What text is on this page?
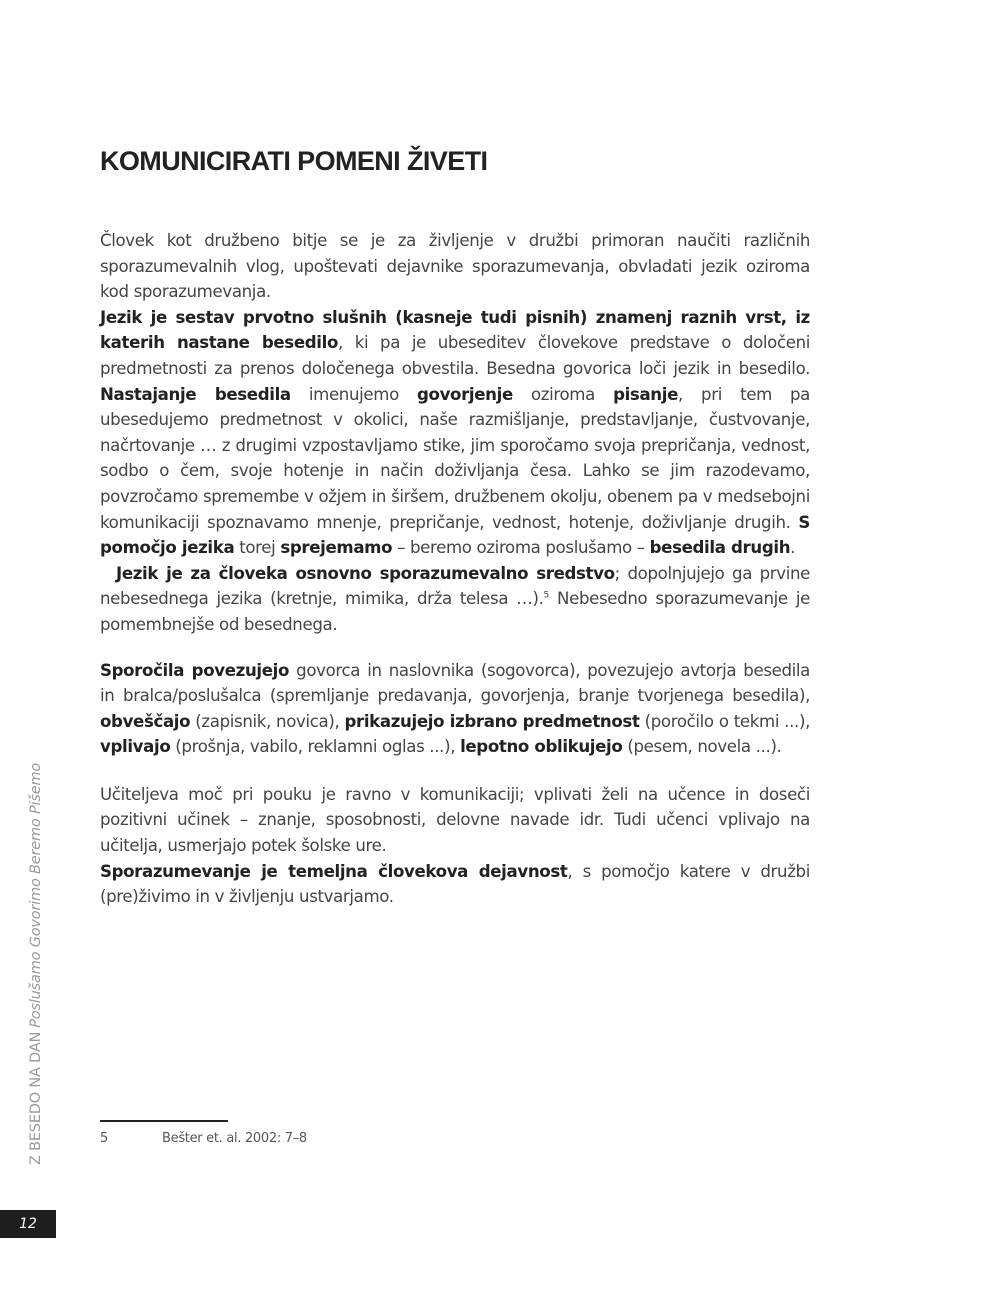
KOMUNICIRATI POMENI ŽIVETI

Človek kot družbeno bitje se je za življenje v družbi primoran naučiti različnih sporazumevalnih vlog, upoštevati dejavnike sporazumevanja, obvladati jezik oziroma kod sporazumevanja.

Jezik je sestav prvotno slušnih (kasneje tudi pisnih) znamenj raznih vrst, iz katerih nastane besedilo, ki pa je ubeseditev človekove predstave o določeni predmetnosti za prenos določenega obvestila. Besedna govorica loči jezik in besedilo. Nastajanje besedila imenujemo govorjenje oziroma pisanje, pri tem pa ubesedujemo predmetnost v okolici, naše razmišljanje, predstavljanje, čustvovanje, načrtovanje … z drugimi vzpostavljamo stike, jim sporočamo svoja prepričanja, vednost, sodbo o čem, svoje hotenje in način doživljanja česa. Lahko se jim razodevamo, povzročamo spremembe v ožjem in širšem, družbenem okolju, obenem pa v medsebojni komunikaciji spoznavamo mnenje, prepričanje, vednost, hotenje, doživljanje drugih. S pomočjo jezika torej sprejemamo – beremo oziroma poslušamo – besedila drugih.

Jezik je za človeka osnovno sporazumevalno sredstvo; dopolnjujejo ga prvine nebesednega jezika (kretnje, mimika, drža telesa …).$^5$ Nebesedno sporazumevanje je pomembnejše od besednega.

Sporočila povezujejo govorca in naslovnika (sogovorca), povezujejo avtorja besedila in bralca/poslušalca (spremljanje predavanja, govorjenja, branje tvorjenega besedila), obveščajo (zapisnik, novica), prikazujejo izbrano predmetnost (poročilo o tekmi ...), vplivajo (prošnja, vabilo, reklamni oglas ...), lepotno oblikujejo (pesem, novela ...).

Učiteljeva moč pri pouku je ravno v komunikaciji; vplivati želi na učence in doseči pozitivni učinek – znanje, sposobnosti, delovne navade idr. Tudi učenci vplivajo na učitelja, usmerjajo potek šolske ure.

Sporazumevanje je temeljna človekova dejavnost, s pomočjo katere v družbi (pre)živimo in v življenju ustvarjamo.

5	Bešter et. al. 2002: 7–8
Z BESEDO NA DANPoslušamo Govorimo Beremo Pišemo
12
